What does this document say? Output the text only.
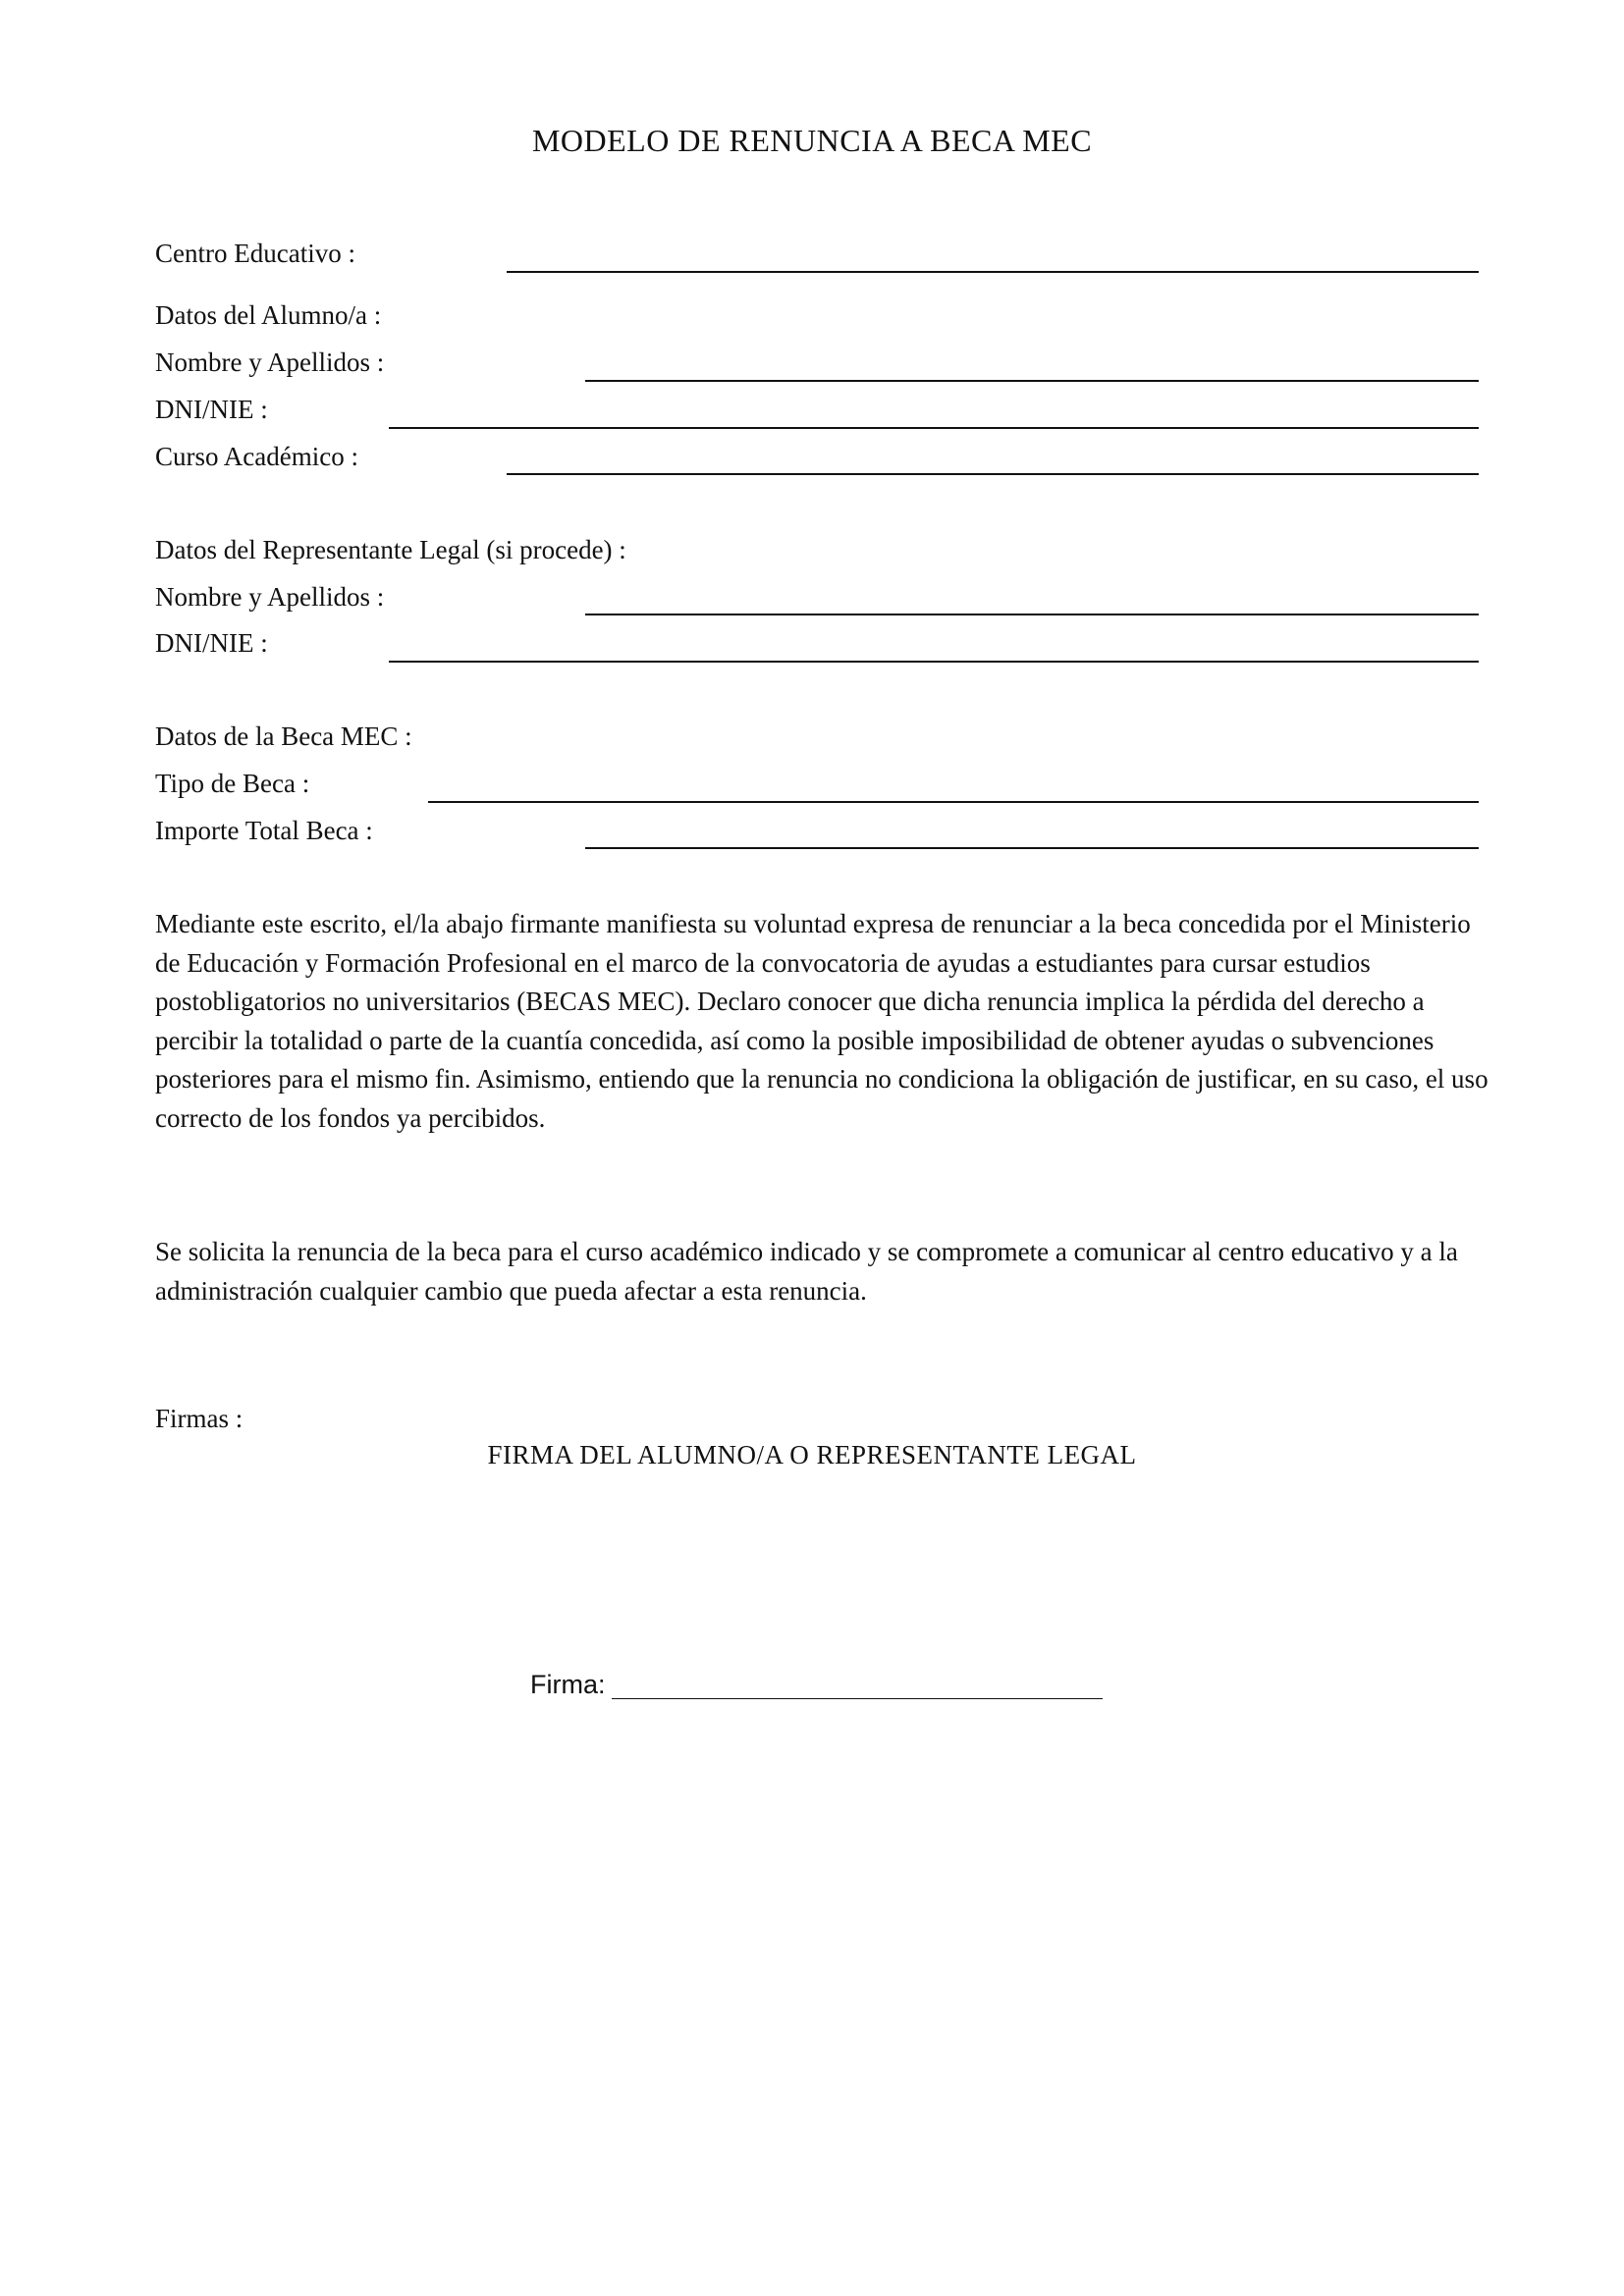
MODELO DE RENUNCIA A BECA MEC
Centro Educativo :
Datos del Alumno/a :
Nombre y Apellidos :
DNI/NIE :
Curso Académico :
Datos del Representante Legal (si procede) :
Nombre y Apellidos :
DNI/NIE :
Datos de la Beca MEC :
Tipo de Beca :
Importe Total Beca :
Mediante este escrito, el/la abajo firmante manifiesta su voluntad expresa de renunciar a la beca concedida por el Ministerio de Educación y Formación Profesional en el marco de la convocatoria de ayudas a estudiantes para cursar estudios postobligatorios no universitarios (BECAS MEC). Declaro conocer que dicha renuncia implica la pérdida del derecho a percibir la totalidad o parte de la cuantía concedida, así como la posible imposibilidad de obtener ayudas o subvenciones posteriores para el mismo fin. Asimismo, entiendo que la renuncia no condiciona la obligación de justificar, en su caso, el uso correcto de los fondos ya percibidos.
Se solicita la renuncia de la beca para el curso académico indicado y se compromete a comunicar al centro educativo y a la administración cualquier cambio que pueda afectar a esta renuncia.
Firmas :
FIRMA DEL ALUMNO/A O REPRESENTANTE LEGAL
Firma:
